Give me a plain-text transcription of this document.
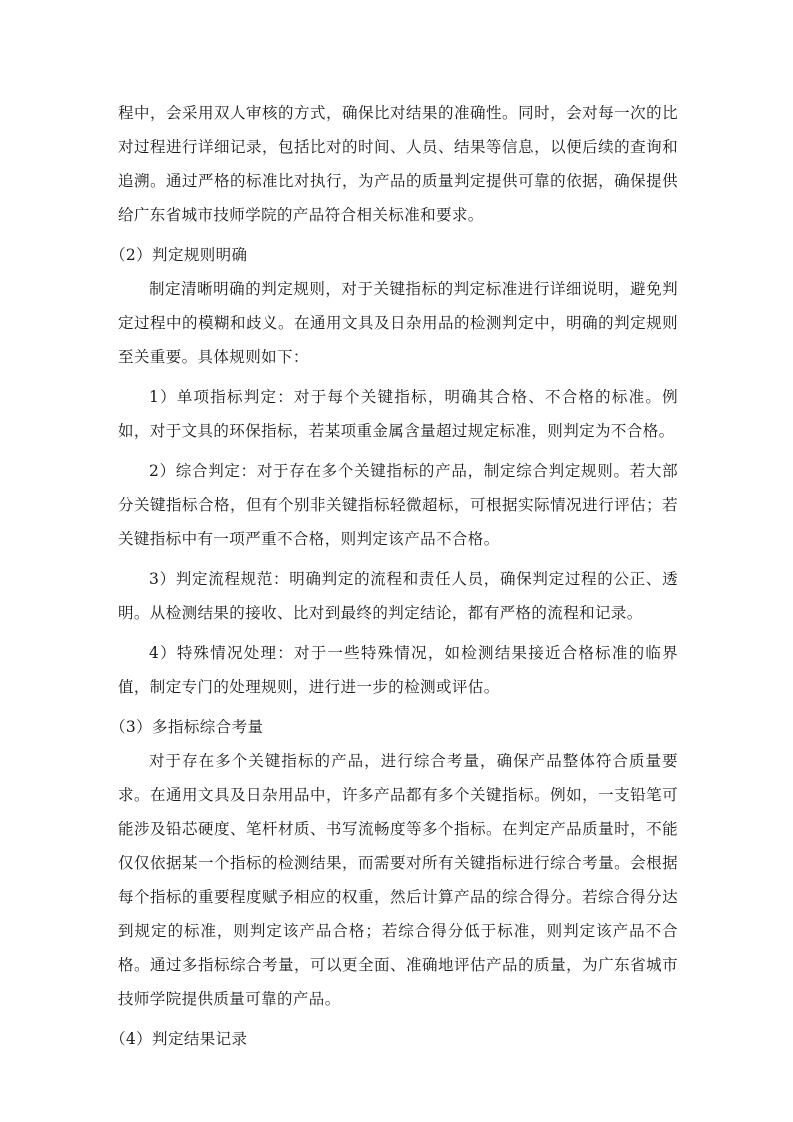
程中，会采用双人审核的方式，确保比对结果的准确性。同时，会对每一次的比对过程进行详细记录，包括比对的时间、人员、结果等信息，以便后续的查询和追溯。通过严格的标准比对执行，为产品的质量判定提供可靠的依据，确保提供给广东省城市技师学院的产品符合相关标准和要求。

（2）判定规则明确

制定清晰明确的判定规则，对于关键指标的判定标准进行详细说明，避免判定过程中的模糊和歧义。在通用文具及日杂用品的检测判定中，明确的判定规则至关重要。具体规则如下：

1）单项指标判定：对于每个关键指标，明确其合格、不合格的标准。例如，对于文具的环保指标，若某项重金属含量超过规定标准，则判定为不合格。

2）综合判定：对于存在多个关键指标的产品，制定综合判定规则。若大部分关键指标合格，但有个别非关键指标轻微超标，可根据实际情况进行评估；若关键指标中有一项严重不合格，则判定该产品不合格。

3）判定流程规范：明确判定的流程和责任人员，确保判定过程的公正、透明。从检测结果的接收、比对到最终的判定结论，都有严格的流程和记录。

4）特殊情况处理：对于一些特殊情况，如检测结果接近合格标准的临界值，制定专门的处理规则，进行进一步的检测或评估。

（3）多指标综合考量

对于存在多个关键指标的产品，进行综合考量，确保产品整体符合质量要求。在通用文具及日杂用品中，许多产品都有多个关键指标。例如，一支铅笔可能涉及铅芯硬度、笔杆材质、书写流畅度等多个指标。在判定产品质量时，不能仅仅依据某一个指标的检测结果，而需要对所有关键指标进行综合考量。会根据每个指标的重要程度赋予相应的权重，然后计算产品的综合得分。若综合得分达到规定的标准，则判定该产品合格；若综合得分低于标准，则判定该产品不合格。通过多指标综合考量，可以更全面、准确地评估产品的质量，为广东省城市技师学院提供质量可靠的产品。

（4）判定结果记录
